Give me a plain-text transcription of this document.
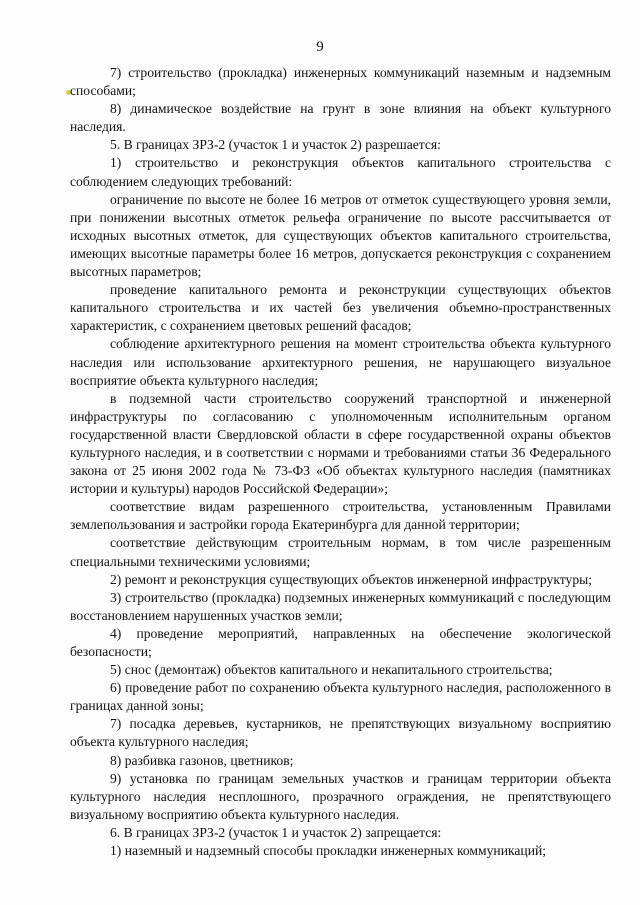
9

7) строительство (прокладка) инженерных коммуникаций наземным и надземным способами;

8) динамическое воздействие на грунт в зоне влияния на объект культурного наследия.

5. В границах ЗРЗ-2 (участок 1 и участок 2) разрешается:

1) строительство и реконструкция объектов капитального строительства с соблюдением следующих требований:

ограничение по высоте не более 16 метров от отметок существующего уровня земли, при понижении высотных отметок рельефа ограничение по высоте рассчитывается от исходных высотных отметок, для существующих объектов капитального строительства, имеющих высотные параметры более 16 метров, допускается реконструкция с сохранением высотных параметров;

проведение капитального ремонта и реконструкции существующих объектов капитального строительства и их частей без увеличения объемно-пространственных характеристик, с сохранением цветовых решений фасадов;

соблюдение архитектурного решения на момент строительства объекта культурного наследия или использование архитектурного решения, не нарушающего визуальное восприятие объекта культурного наследия;

в подземной части строительство сооружений транспортной и инженерной инфраструктуры по согласованию с уполномоченным исполнительным органом государственной власти Свердловской области в сфере государственной охраны объектов культурного наследия, и в соответствии с нормами и требованиями статьи 36 Федерального закона от 25 июня 2002 года № 73-ФЗ «Об объектах культурного наследия (памятниках истории и культуры) народов Российской Федерации»;

соответствие видам разрешенного строительства, установленным Правилами землепользования и застройки города Екатеринбурга для данной территории;

соответствие действующим строительным нормам, в том числе разрешенным специальными техническими условиями;

2) ремонт и реконструкция существующих объектов инженерной инфраструктуры;

3) строительство (прокладка) подземных инженерных коммуникаций с последующим восстановлением нарушенных участков земли;

4) проведение мероприятий, направленных на обеспечение экологической безопасности;

5) снос (демонтаж) объектов капитального и некапитального строительства;

6) проведение работ по сохранению объекта культурного наследия, расположенного в границах данной зоны;

7) посадка деревьев, кустарников, не препятствующих визуальному восприятию объекта культурного наследия;

8) разбивка газонов, цветников;

9) установка по границам земельных участков и границам территории объекта культурного наследия несплошного, прозрачного ограждения, не препятствующего визуальному восприятию объекта культурного наследия.

6. В границах ЗРЗ-2 (участок 1 и участок 2) запрещается:

1) наземный и надземный способы прокладки инженерных коммуникаций;
